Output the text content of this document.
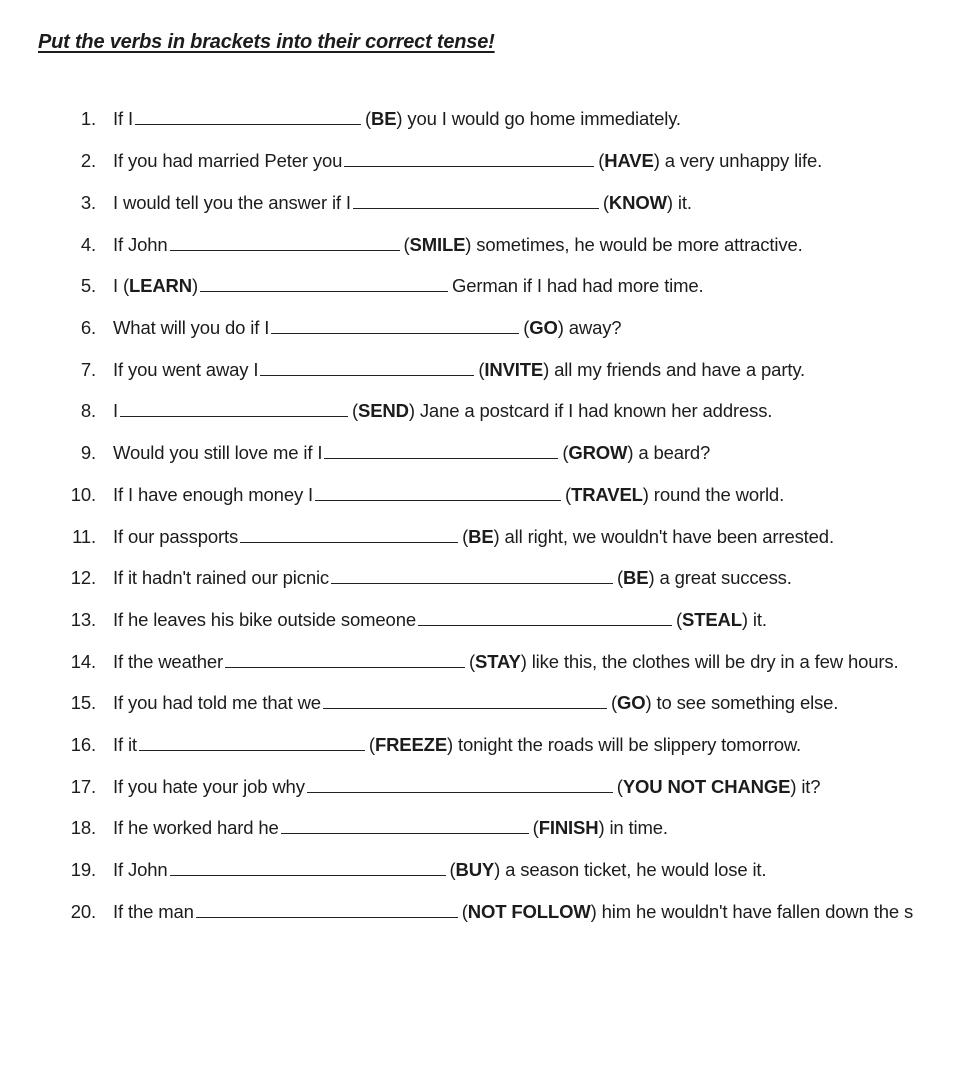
Put the verbs in brackets into their correct tense!
1. If I	(BE) you I would go home immediately.
2. If you had married Peter you	(HAVE) a very unhappy life.
3. I would tell you the answer if I	(KNOW) it.
4. If John	(SMILE) sometimes, he would be more attractive.
5. I (LEARN)	German if I had had more time.
6. What will you do if I	(GO) away?
7. If you went away I	(INVITE) all my friends and have a party.
8. I	(SEND) Jane a postcard if I had known her address.
9. Would you still love me if I	(GROW) a beard?
10. If I have enough money I	(TRAVEL) round the world.
11. If our passports	(BE) all right, we wouldn't have been arrested.
12. If it hadn't rained our picnic	(BE) a great success.
13. If he leaves his bike outside someone	(STEAL) it.
14. If the weather	(STAY) like this, the clothes will be dry in a few hours.
15. If you had told me that we	(GO) to see something else.
16. If it	(FREEZE) tonight the roads will be slippery tomorrow.
17. If you hate your job why	(YOU NOT CHANGE) it?
18. If he worked hard he	(FINISH) in time.
19. If John	(BUY) a season ticket, he would lose it.
20. If the man	(NOT FOLLOW) him he wouldn't have fallen down the s
